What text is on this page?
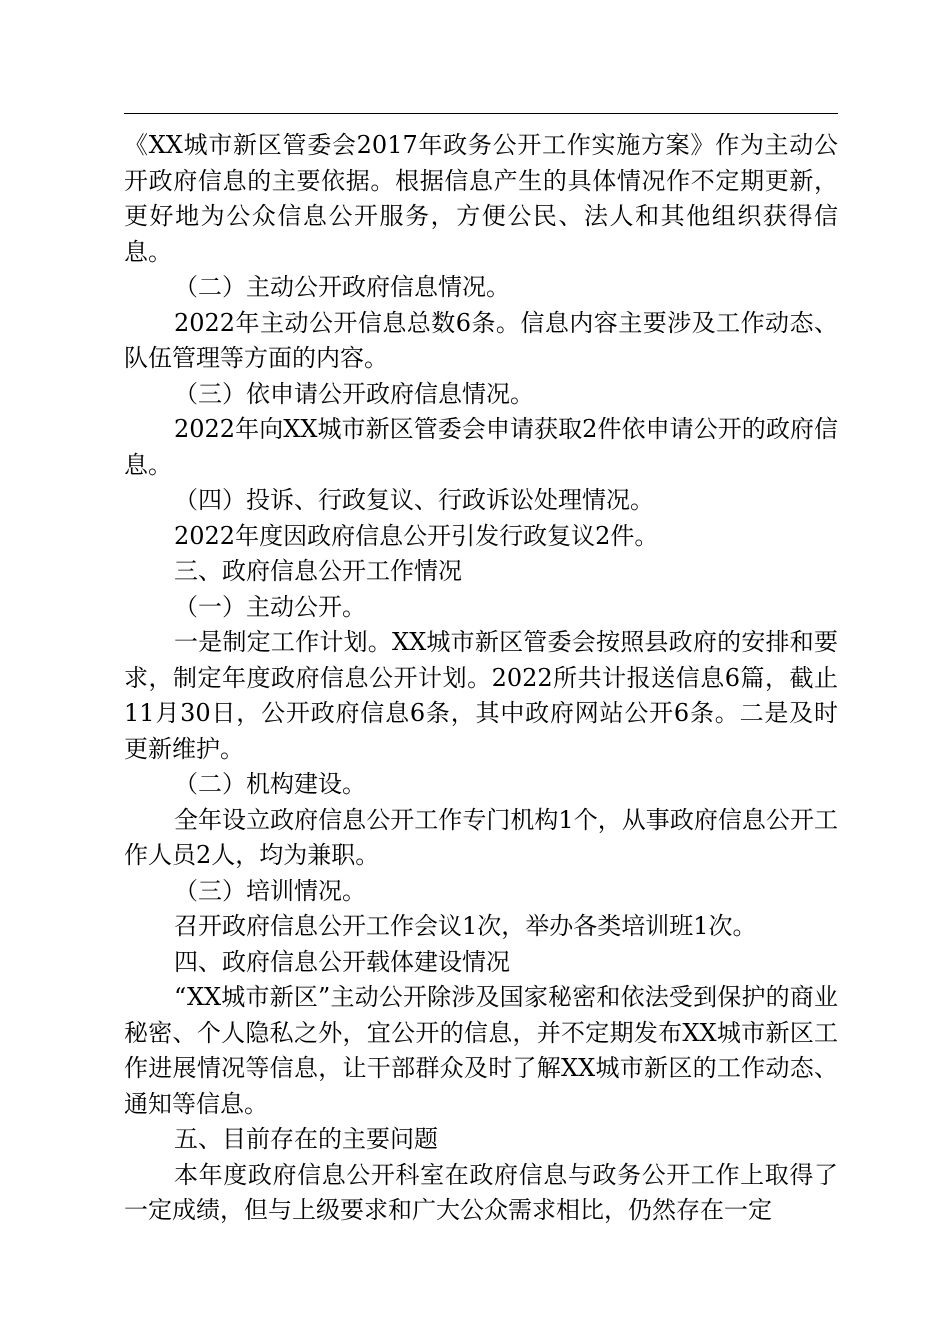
《XX城市新区管委会2017年政务公开工作实施方案》作为主动公开政府信息的主要依据。根据信息产生的具体情况作不定期更新，更好地为公众信息公开服务，方便公民、法人和其他组织获得信息。

（二）主动公开政府信息情况。

2022年主动公开信息总数6条。信息内容主要涉及工作动态、队伍管理等方面的内容。

（三）依申请公开政府信息情况。

2022年向XX城市新区管委会申请获取2件依申请公开的政府信息。

（四）投诉、行政复议、行政诉讼处理情况。

2022年度因政府信息公开引发行政复议2件。

三、政府信息公开工作情况

（一）主动公开。

一是制定工作计划。XX城市新区管委会按照县政府的安排和要求，制定年度政府信息公开计划。2022所共计报送信息6篇，截止11月30日，公开政府信息6条，其中政府网站公开6条。二是及时更新维护。

（二）机构建设。

全年设立政府信息公开工作专门机构1个，从事政府信息公开工作人员2人，均为兼职。

（三）培训情况。

召开政府信息公开工作会议1次，举办各类培训班1次。

四、政府信息公开载体建设情况

“XX城市新区”主动公开除涉及国家秘密和依法受到保护的商业秘密、个人隐私之外，宜公开的信息，并不定期发布XX城市新区工作进展情况等信息，让干部群众及时了解XX城市新区的工作动态、通知等信息。

五、目前存在的主要问题

本年度政府信息公开科室在政府信息与政务公开工作上取得了一定成绩，但与上级要求和广大公众需求相比，仍然存在一定
